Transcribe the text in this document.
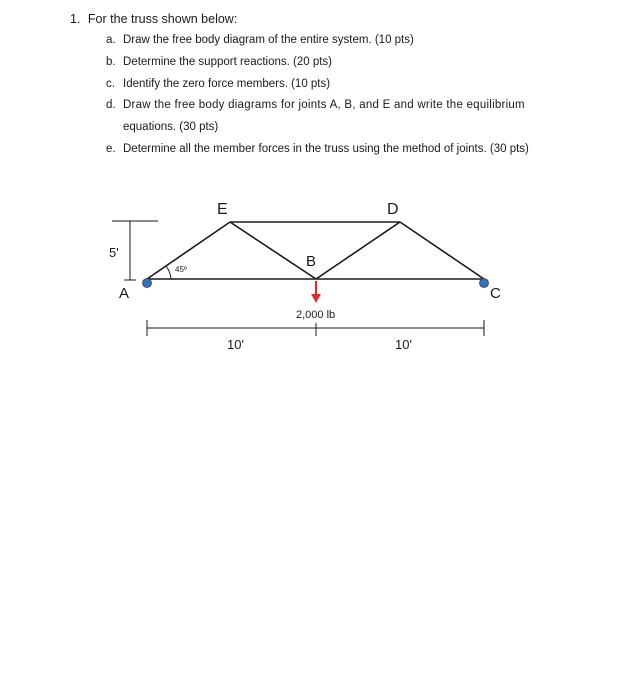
1. For the truss shown below:
a. Draw the free body diagram of the entire system. (10 pts)
b. Determine the support reactions. (20 pts)
c. Identify the zero force members. (10 pts)
d. Draw the free body diagrams for joints A, B, and E and write the equilibrium
equations. (30 pts)
e. Determine all the member forces in the truss using the method of joints. (30 pts)
5'
45º
E	D
B
A	C
2,000 lb
10'	10'
